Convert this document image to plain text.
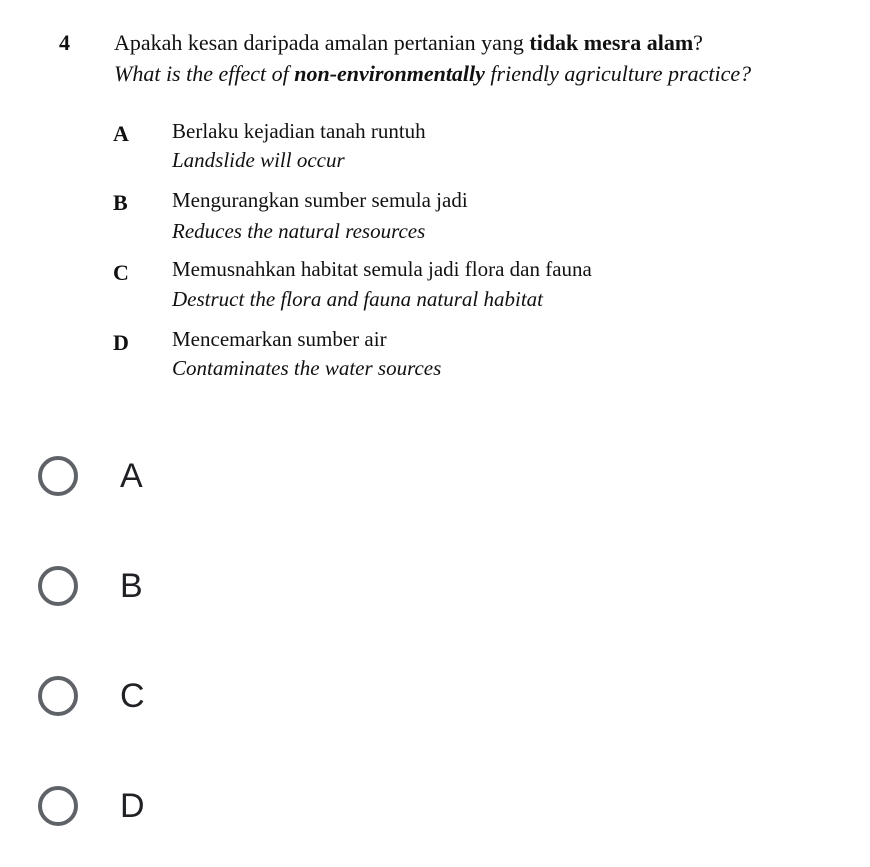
4 Apakah kesan daripada amalan pertanian yang tidak mesra alam?
What is the effect of non-environmentally friendly agriculture practice?
A Berlaku kejadian tanah runtuh
Landslide will occur
B Mengurangkan sumber semula jadi
Reduces the natural resources
C Memusnahkan habitat semula jadi flora dan fauna
Destruct the flora and fauna natural habitat
D Mencemarkan sumber air
Contaminates the water sources
A
B
C
D
